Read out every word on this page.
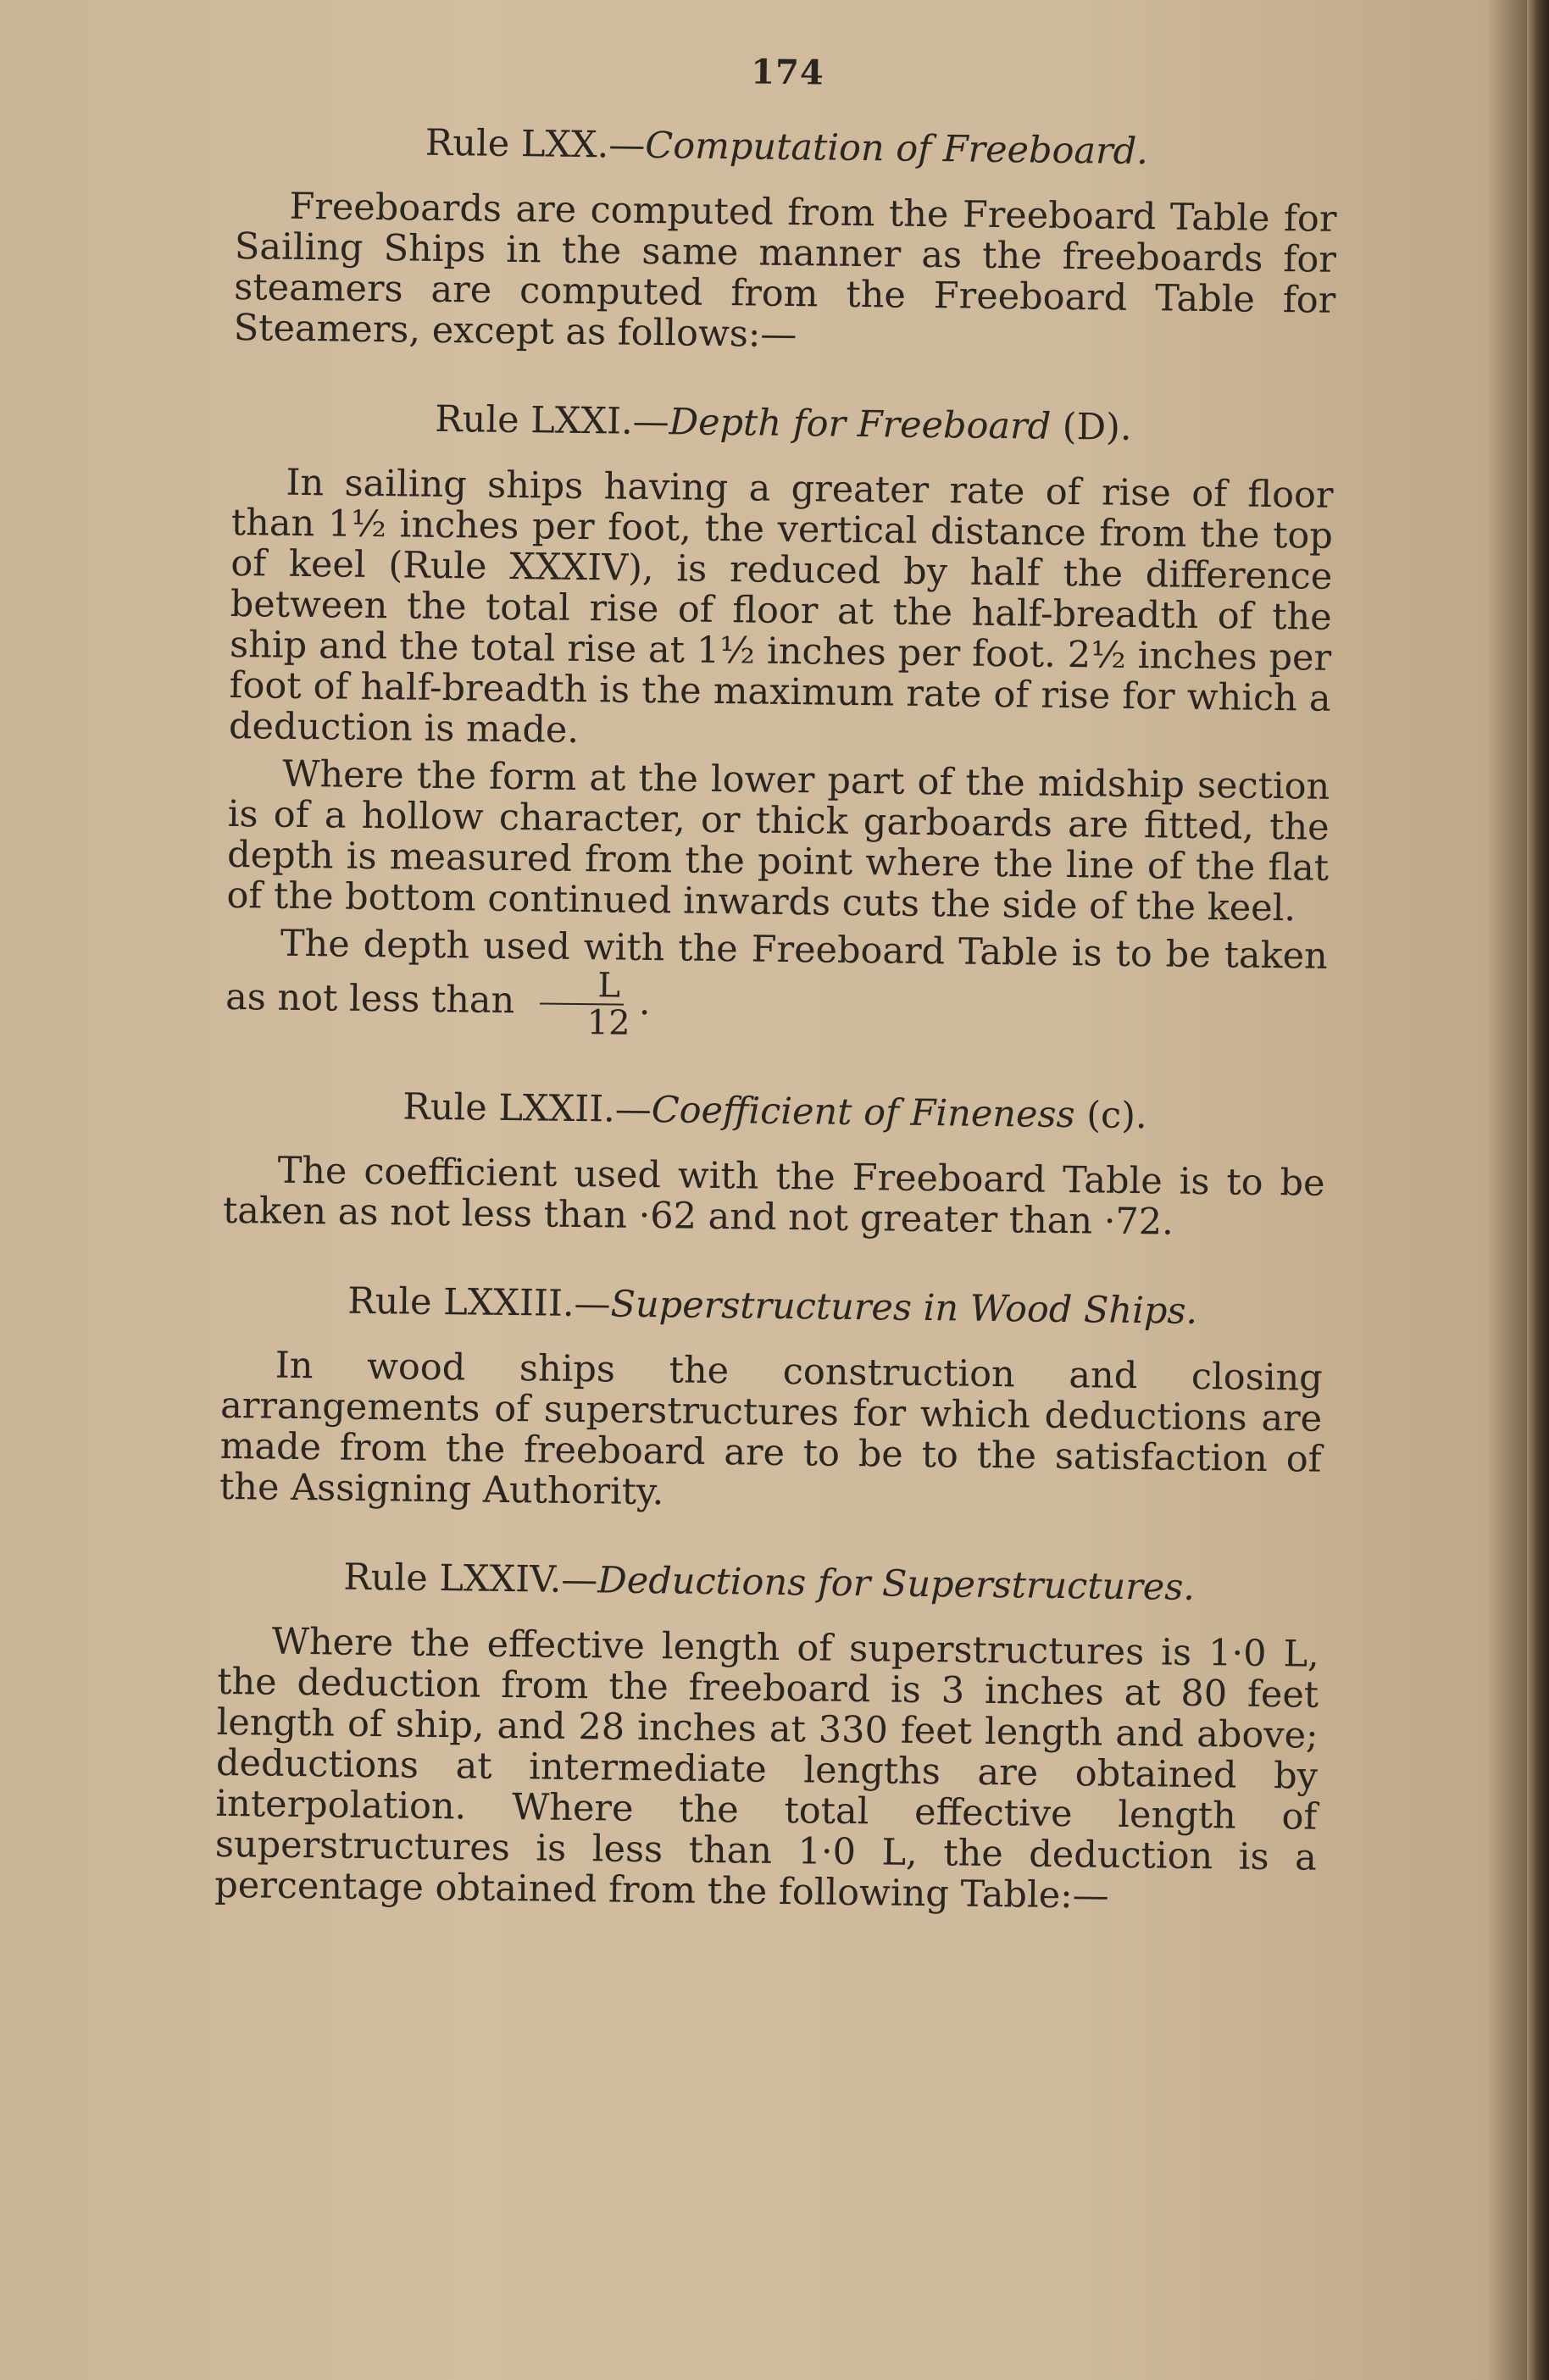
174
Rule LXX.—Computation of Freeboard.

Freeboards are computed from the Freeboard Table for Sailing Ships in the same manner as the freeboards for steamers are computed from the Freeboard Table for Steamers, except as follows:—

Rule LXXI.—Depth for Freeboard (D).

In sailing ships having a greater rate of rise of floor than 1½ inches per foot, the vertical distance from the top of keel (Rule XXXIV), is reduced by half the difference between the total rise of floor at the half-breadth of the ship and the total rise at 1½ inches per foot. 2½ inches per foot of half-breadth is the maximum rate of rise for which a deduction is made.

Where the form at the lower part of the midship section is of a hollow character, or thick garboards are fitted, the depth is measured from the point where the line of the flat of the bottom continued inwards cuts the side of the keel.

The depth used with the Freeboard Table is to be taken as not less than $\frac{L}{12}$ .

Rule LXXII.—Coefficient of Fineness (c).

The coefficient used with the Freeboard Table is to be taken as not less than ·62 and not greater than ·72.

Rule LXXIII.—Superstructures in Wood Ships.

In wood ships the construction and closing arrangements of superstructures for which deductions are made from the freeboard are to be to the satisfaction of the Assigning Authority.

Rule LXXIV.—Deductions for Superstructures.

Where the effective length of superstructures is 1·0 L, the deduction from the freeboard is 3 inches at 80 feet length of ship, and 28 inches at 330 feet length and above; deductions at intermediate lengths are obtained by interpolation. Where the total effective length of superstructures is less than 1·0 L, the deduction is a percentage obtained from the following Table:—
